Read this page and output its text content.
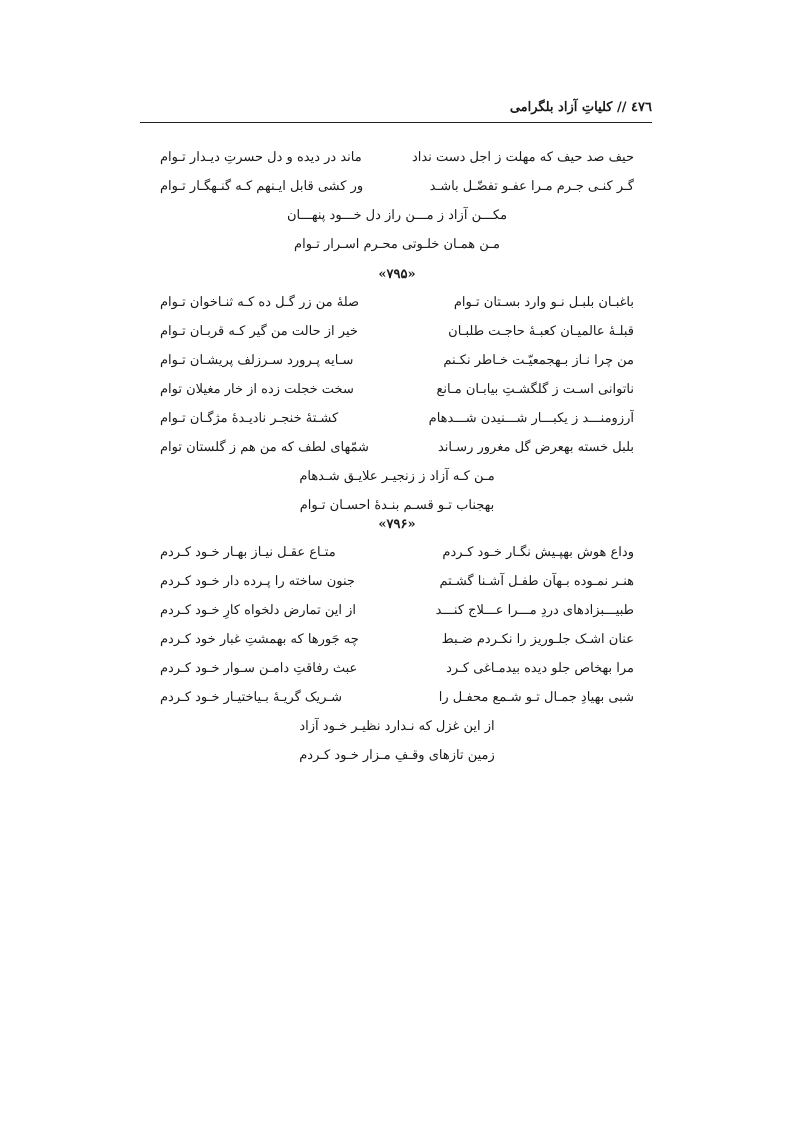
٤٧٦ // كلياتِ آزاد بلگرامی
حیف صد حیف که مهلت ز اجل دست نداد
ماند در دیده و دل حسرتِ دیـدار تـوام
گـر کنـی جـرم مـرا عفـو تفضّـل باشـد
ور کشی قابل ایـنهم کـه گنـهگـار تـوام
مکـــن آزاد ز مـــن راز دل خـــود پنهـــان
مـن همـان خلـوتی محـرم اسـرار تـوام
«۷۹۵»
باغبـان بلبـل نـو وارد بسـتان تـوام
صلۀ من زر گـل ده کـه ثنـاخوان تـوام
قبلـۀ عالمیـان کعبـۀ حاجـت طلبـان
خیر از حالت من گیر کـه قربـان تـوام
من چرا نـاز بـهجمعیّـت خـاطر نکـنم
سـایه پـرورد سـرزلف پریشـان تـوام
ناتوانی اسـت ز گلگشـتِ بیابـان مـانع
سخت خجلت زده از خار مغیلان توام
آرزومنـــد ز یکبـــار شـــنیدن شـــدهام
کشـتۀ خنجـر نادیـدۀ مژگـان تـوام
بلبل خسته بهعرض گل مغرور رسـاند
شمّهای لطف که من هم ز گلستان توام
مـن کـه آزاد ز زنجیـر علایـق شـدهام
بهجناب تـو قسـم بنـدۀ احسـان تـوام
«۷۹۶»
وداع هوش بهپـیش نگـار خـود کـردم
متـاع عقـل نیـاز بهـار خـود کـردم
هنـر نمـوده بـهآن طفـل آشـنا گشـتم
جنون ساخته را پـرده دار خـود کـردم
طبیـــبزادهای دردِ مـــرا عـــلاج کنـــد
از این تمارض دلخواه کارِ خـود کـردم
عنان اشـک جلـوریز را نکـردم ضـبط
چه جَورها که بهمشتِ غبار خود کـردم
مرا بهخاص جلو دیده بیدمـاغی کـرد
عبث رفاقتِ دامـن سـوار خـود کـردم
شبی بهیادِ جمـال تـو شـمع محفـل را
شـریک گریـۀ بـیاختیـار خـود کـردم
از این غزل که نـدارد نظیـر خـود آزاد
زمین تازهای وقـفِ مـزار خـود کـردم
